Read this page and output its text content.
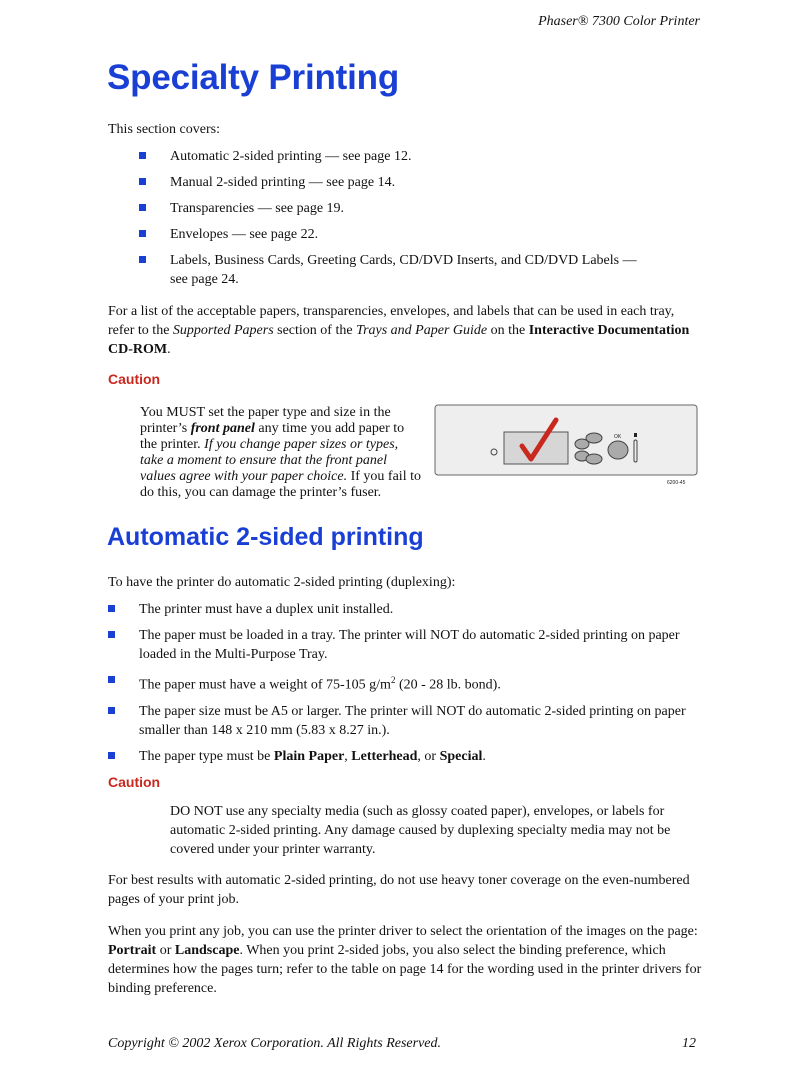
Phaser® 7300 Color Printer
Specialty Printing
This section covers:
Automatic 2-sided printing — see page 12.
Manual 2-sided printing — see page 14.
Transparencies — see page 19.
Envelopes — see page 22.
Labels, Business Cards, Greeting Cards, CD/DVD Inserts, and CD/DVD Labels — see page 24.
For a list of the acceptable papers, transparencies, envelopes, and labels that can be used in each tray, refer to the Supported Papers section of the Trays and Paper Guide on the Interactive Documentation CD-ROM.
Caution
You MUST set the paper type and size in the printer’s front panel any time you add paper to the printer. If you change paper sizes or types, take a moment to ensure that the front panel values agree with your paper choice. If you fail to do this, you can damage the printer’s fuser.
OK
6200-45
Automatic 2-sided printing
To have the printer do automatic 2-sided printing (duplexing):
The printer must have a duplex unit installed.
The paper must be loaded in a tray. The printer will NOT do automatic 2-sided printing on paper loaded in the Multi-Purpose Tray.
The paper must have a weight of 75-105 $g/m^2$ (20 - 28 lb. bond).
The paper size must be A5 or larger. The printer will NOT do automatic 2-sided printing on paper smaller than 148 x 210 mm (5.83 x 8.27 in.).
The paper type must be Plain Paper, Letterhead, or Special.
Caution
DO NOT use any specialty media (such as glossy coated paper), envelopes, or labels for automatic 2-sided printing. Any damage caused by duplexing specialty media may not be covered under your printer warranty.
For best results with automatic 2-sided printing, do not use heavy toner coverage on the even-numbered pages of your print job.
When you print any job, you can use the printer driver to select the orientation of the images on the page: Portrait or Landscape. When you print 2-sided jobs, you also select the binding preference, which determines how the pages turn; refer to the table on page 14 for the wording used in the printer drivers for binding preference.
Copyright © 2002 Xerox Corporation. All Rights Reserved.	12
